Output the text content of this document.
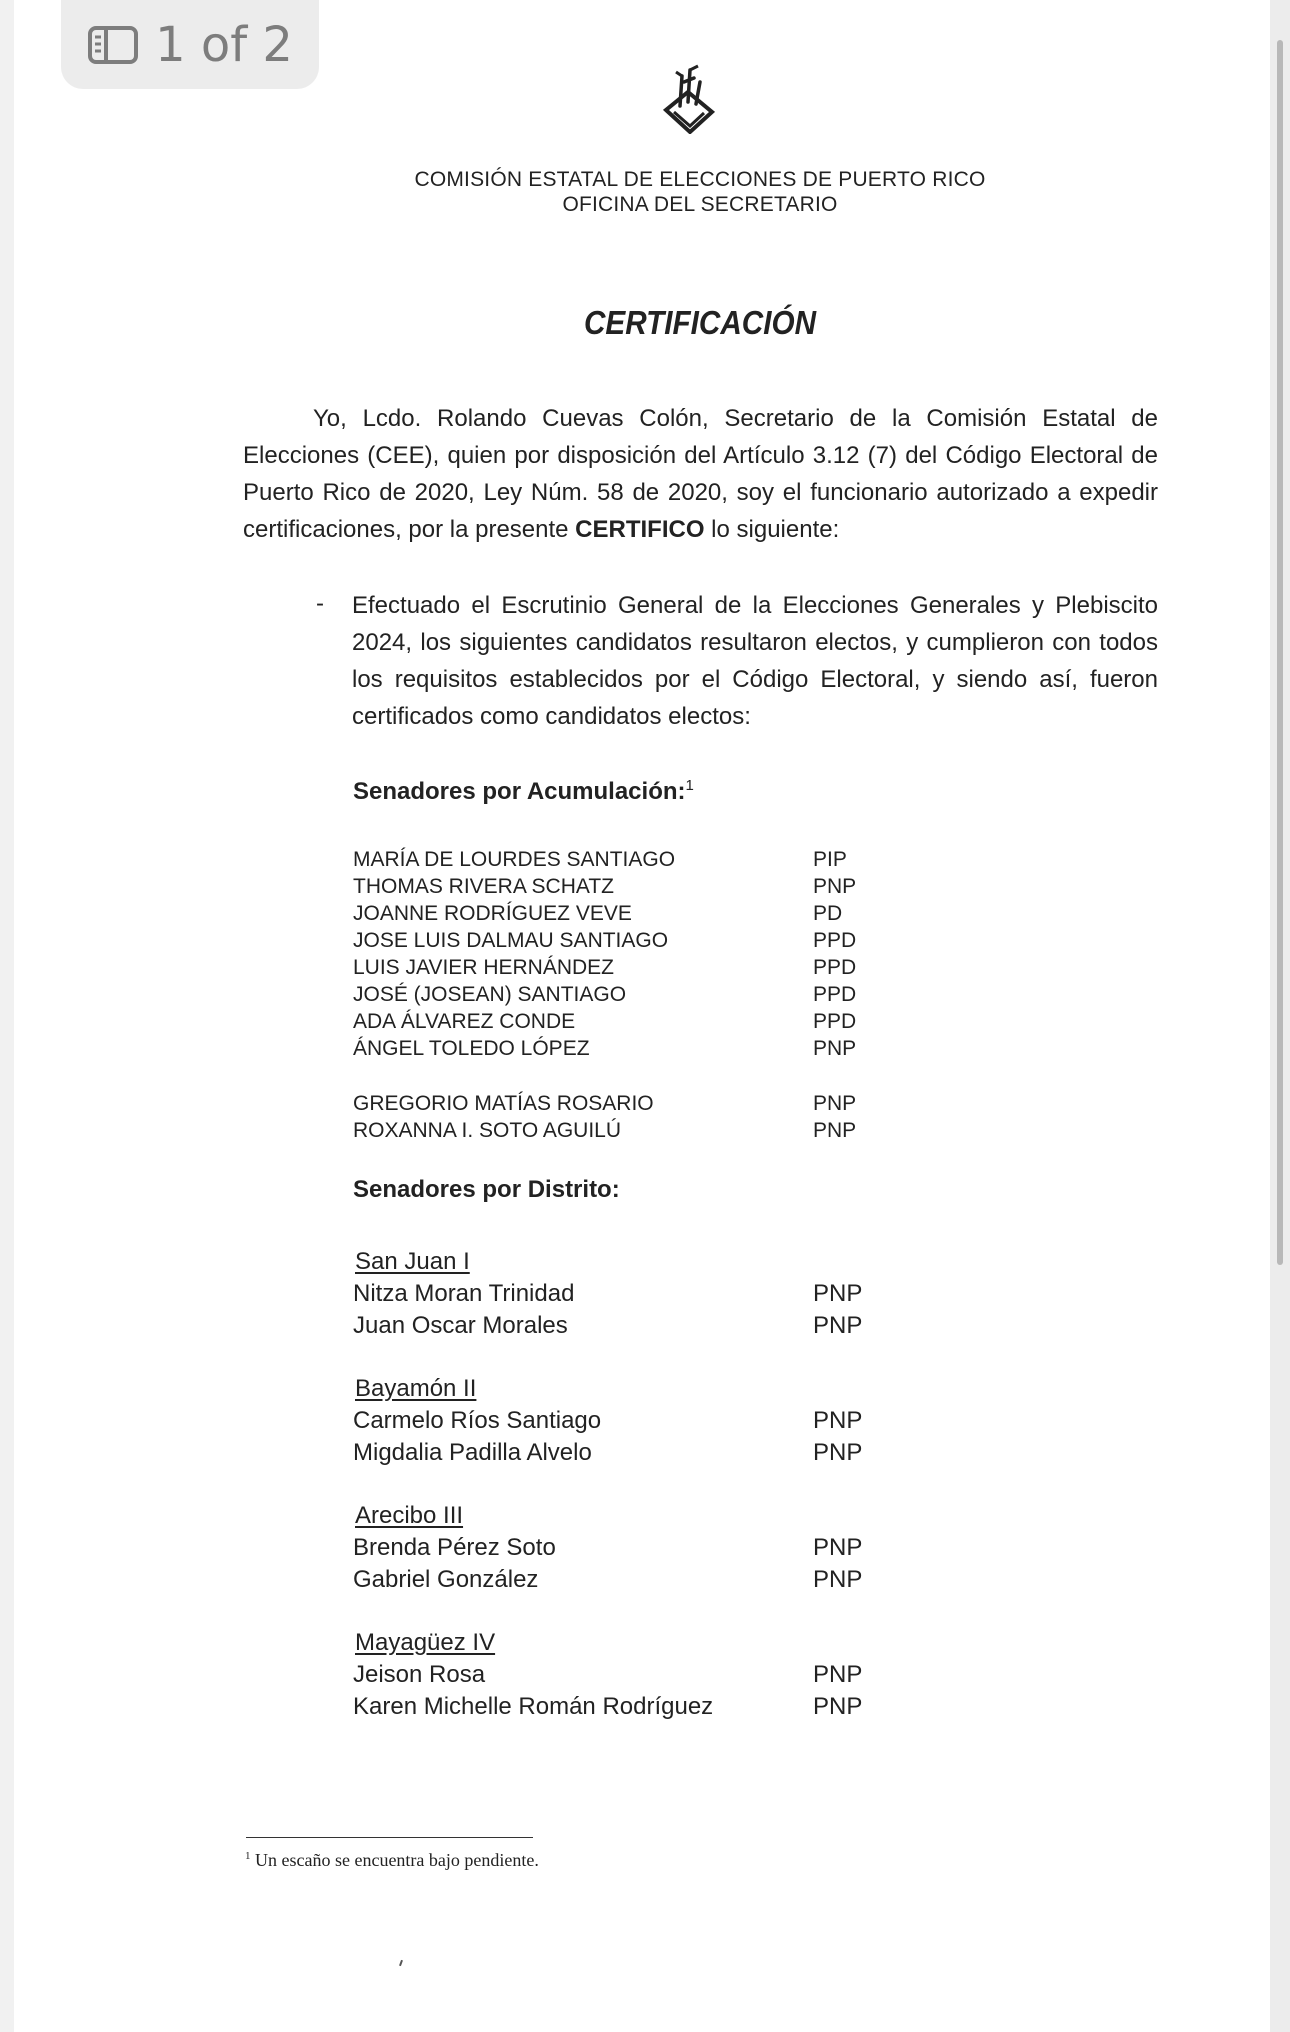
1 of 2
COMISIÓN ESTATAL DE ELECCIONES DE PUERTO RICO
OFICINA DEL SECRETARIO
CERTIFICACIÓN
Yo, Lcdo. Rolando Cuevas Colón, Secretario de la Comisión Estatal de Elecciones (CEE), quien por disposición del Artículo 3.12 (7) del Código Electoral de Puerto Rico de 2020, Ley Núm. 58 de 2020, soy el funcionario autorizado a expedir certificaciones, por la presente CERTIFICO lo siguiente:
- Efectuado el Escrutinio General de la Elecciones Generales y Plebiscito 2024, los siguientes candidatos resultaron electos, y cumplieron con todos los requisitos establecidos por el Código Electoral, y siendo así, fueron certificados como candidatos electos:
Senadores por Acumulación:$^1$
MARÍA DE LOURDES SANTIAGO	PIP
THOMAS RIVERA SCHATZ	PNP
JOANNE RODRÍGUEZ VEVE	PD
JOSE LUIS DALMAU SANTIAGO	PPD
LUIS JAVIER HERNÁNDEZ	PPD
JOSÉ (JOSEAN) SANTIAGO	PPD
ADA ÁLVAREZ CONDE	PPD
ÁNGEL TOLEDO LÓPEZ	PNP
GREGORIO MATÍAS ROSARIO	PNP
ROXANNA I. SOTO AGUILÚ	PNP
Senadores por Distrito:
San Juan I
Nitza Moran Trinidad	PNP
Juan Oscar Morales	PNP
Bayamón II
Carmelo Ríos Santiago	PNP
Migdalia Padilla Alvelo	PNP
Arecibo III
Brenda Pérez Soto	PNP
Gabriel González	PNP
Mayagüez IV
Jeison Rosa	PNP
Karen Michelle Román Rodríguez	PNP
$^1$ Un escaño se encuentra bajo pendiente.
